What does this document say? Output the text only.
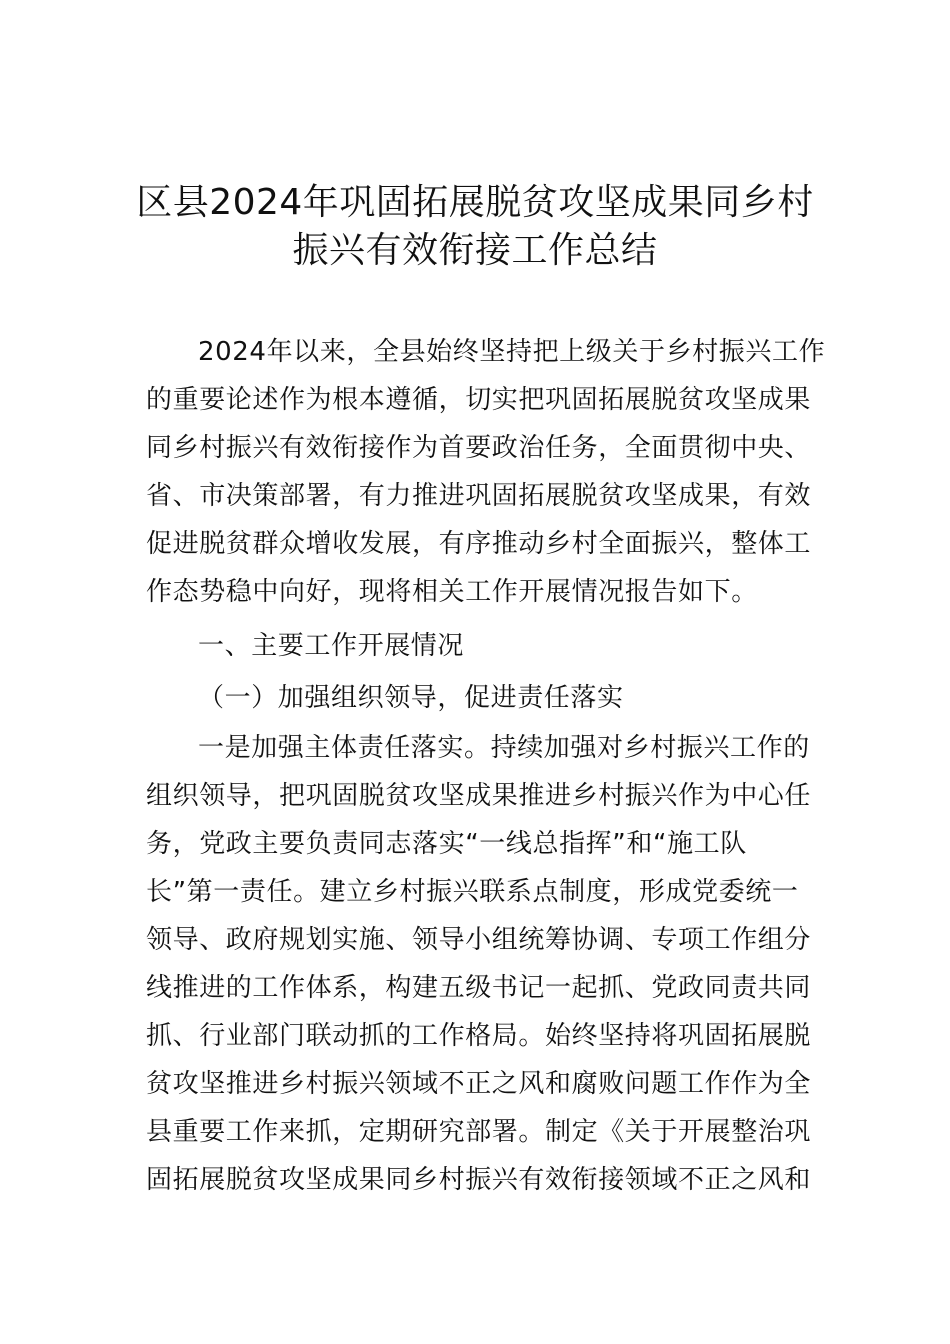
区县2024年巩固拓展脱贫攻坚成果同乡村
振兴有效衔接工作总结
2024年以来，全县始终坚持把上级关于乡村振兴工作
的重要论述作为根本遵循，切实把巩固拓展脱贫攻坚成果
同乡村振兴有效衔接作为首要政治任务，全面贯彻中央、
省、市决策部署，有力推进巩固拓展脱贫攻坚成果，有效
促进脱贫群众增收发展，有序推动乡村全面振兴，整体工
作态势稳中向好，现将相关工作开展情况报告如下。
一、主要工作开展情况
（一）加强组织领导，促进责任落实
一是加强主体责任落实。持续加强对乡村振兴工作的
组织领导，把巩固脱贫攻坚成果推进乡村振兴作为中心任
务，党政主要负责同志落实“一线总指挥”和“施工队
长”第一责任。建立乡村振兴联系点制度，形成党委统一
领导、政府规划实施、领导小组统筹协调、专项工作组分
线推进的工作体系，构建五级书记一起抓、党政同责共同
抓、行业部门联动抓的工作格局。始终坚持将巩固拓展脱
贫攻坚推进乡村振兴领域不正之风和腐败问题工作作为全
县重要工作来抓，定期研究部署。制定《关于开展整治巩
固拓展脱贫攻坚成果同乡村振兴有效衔接领域不正之风和
